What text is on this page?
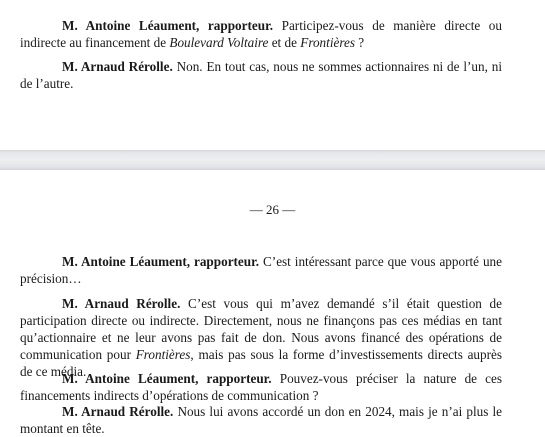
M. Antoine Léaument, rapporteur. Participez-vous de manière directe ou indirecte au financement de Boulevard Voltaire et de Frontières ?

M. Arnaud Rérolle. Non. En tout cas, nous ne sommes actionnaires ni de l’un, ni de l’autre.

— 26 —

M. Antoine Léaument, rapporteur. C’est intéressant parce que vous apporté une précision…

M. Arnaud Rérolle. C’est vous qui m’avez demandé s’il était question de participation directe ou indirecte. Directement, nous ne finançons pas ces médias en tant qu’actionnaire et ne leur avons pas fait de don. Nous avons financé des opérations de communication pour Frontières, mais pas sous la forme d’investissements directs auprès de ce média.

M. Antoine Léaument, rapporteur. Pouvez-vous préciser la nature de ces financements indirects d’opérations de communication ?

M. Arnaud Rérolle. Nous lui avons accordé un don en 2024, mais je n’ai plus le montant en tête.
